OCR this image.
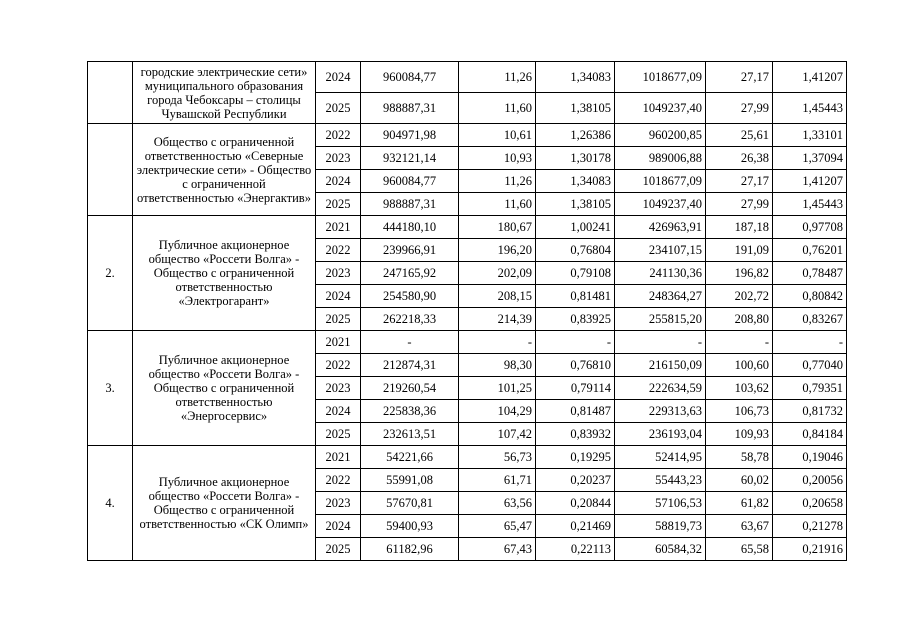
	городские электрические сети» муниципального образования города Чебоксары – столицы Чувашской Республики	2024	960084,77	11,26	1,34083	1018677,09	27,17	1,41207
		2025	988887,31	11,60	1,38105	1049237,40	27,99	1,45443
	Общество с ограниченной ответственностью «Северные электрические сети» - Общество с ограниченной ответственностью «Энергактив»	2022	904971,98	10,61	1,26386	960200,85	25,61	1,33101
		2023	932121,14	10,93	1,30178	989006,88	26,38	1,37094
		2024	960084,77	11,26	1,34083	1018677,09	27,17	1,41207
		2025	988887,31	11,60	1,38105	1049237,40	27,99	1,45443
2.	Публичное акционерное общество «Россети Волга» - Общество с ограниченной ответственностью «Электрогарант»	2021	444180,10	180,67	1,00241	426963,91	187,18	0,97708
		2022	239966,91	196,20	0,76804	234107,15	191,09	0,76201
		2023	247165,92	202,09	0,79108	241130,36	196,82	0,78487
		2024	254580,90	208,15	0,81481	248364,27	202,72	0,80842
		2025	262218,33	214,39	0,83925	255815,20	208,80	0,83267
3.	Публичное акционерное общество «Россети Волга» - Общество с ограниченной ответственностью «Энергосервис»	2021	-	-	-	-	-	-
		2022	212874,31	98,30	0,76810	216150,09	100,60	0,77040
		2023	219260,54	101,25	0,79114	222634,59	103,62	0,79351
		2024	225838,36	104,29	0,81487	229313,63	106,73	0,81732
		2025	232613,51	107,42	0,83932	236193,04	109,93	0,84184
4.	Публичное акционерное общество «Россети Волга» - Общество с ограниченной ответственностью «СК Олимп»	2021	54221,66	56,73	0,19295	52414,95	58,78	0,19046
		2022	55991,08	61,71	0,20237	55443,23	60,02	0,20056
		2023	57670,81	63,56	0,20844	57106,53	61,82	0,20658
		2024	59400,93	65,47	0,21469	58819,73	63,67	0,21278
		2025	61182,96	67,43	0,22113	60584,32	65,58	0,21916
